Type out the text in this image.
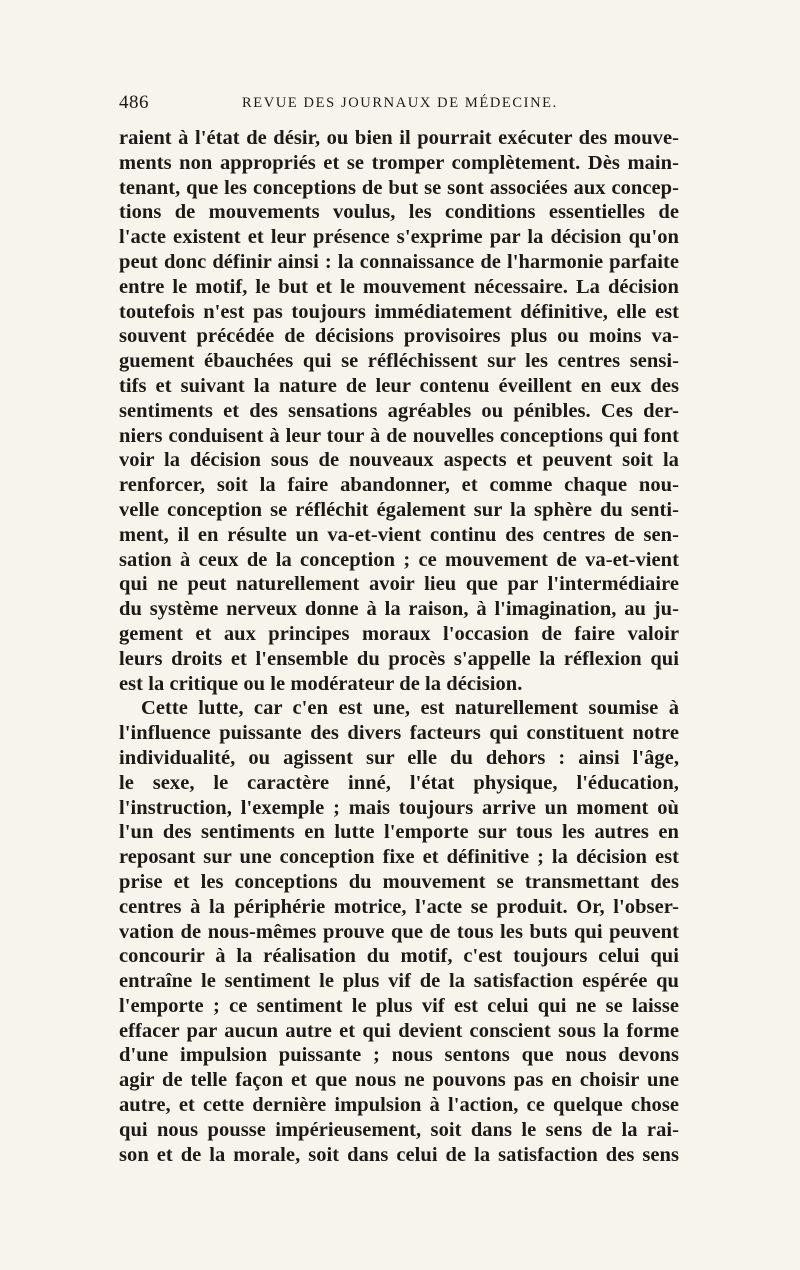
486	REVUE DES JOURNAUX DE MÉDECINE.
raient à l'état de désir, ou bien il pourrait exécuter des mouve-
ments non appropriés et se tromper complètement. Dès main-
tenant, que les conceptions de but se sont associées aux concep-
tions de mouvements voulus, les conditions essentielles de
l'acte existent et leur présence s'exprime par la décision qu'on
peut donc définir ainsi : la connaissance de l'harmonie parfaite
entre le motif, le but et le mouvement nécessaire. La décision
toutefois n'est pas toujours immédiatement définitive, elle est
souvent précédée de décisions provisoires plus ou moins va-
guement ébauchées qui se réfléchissent sur les centres sensi-
tifs et suivant la nature de leur contenu éveillent en eux des
sentiments et des sensations agréables ou pénibles. Ces der-
niers conduisent à leur tour à de nouvelles conceptions qui font
voir la décision sous de nouveaux aspects et peuvent soit la
renforcer, soit la faire abandonner, et comme chaque nou-
velle conception se réfléchit également sur la sphère du senti-
ment, il en résulte un va-et-vient continu des centres de sen-
sation à ceux de la conception ; ce mouvement de va-et-vient
qui ne peut naturellement avoir lieu que par l'intermédiaire
du système nerveux donne à la raison, à l'imagination, au ju-
gement et aux principes moraux l'occasion de faire valoir
leurs droits et l'ensemble du procès s'appelle la réflexion qui
est la critique ou le modérateur de la décision.
Cette lutte, car c'en est une, est naturellement soumise à
l'influence puissante des divers facteurs qui constituent notre
individualité, ou agissent sur elle du dehors : ainsi l'âge,
le sexe, le caractère inné, l'état physique, l'éducation,
l'instruction, l'exemple ; mais toujours arrive un moment où
l'un des sentiments en lutte l'emporte sur tous les autres en
reposant sur une conception fixe et définitive ; la décision est
prise et les conceptions du mouvement se transmettant des
centres à la périphérie motrice, l'acte se produit. Or, l'obser-
vation de nous-mêmes prouve que de tous les buts qui peuvent
concourir à la réalisation du motif, c'est toujours celui qui
entraîne le sentiment le plus vif de la satisfaction espérée qu
l'emporte ; ce sentiment le plus vif est celui qui ne se laisse
effacer par aucun autre et qui devient conscient sous la forme
d'une impulsion puissante ; nous sentons que nous devons
agir de telle façon et que nous ne pouvons pas en choisir une
autre, et cette dernière impulsion à l'action, ce quelque chose
qui nous pousse impérieusement, soit dans le sens de la rai-
son et de la morale, soit dans celui de la satisfaction des sens
